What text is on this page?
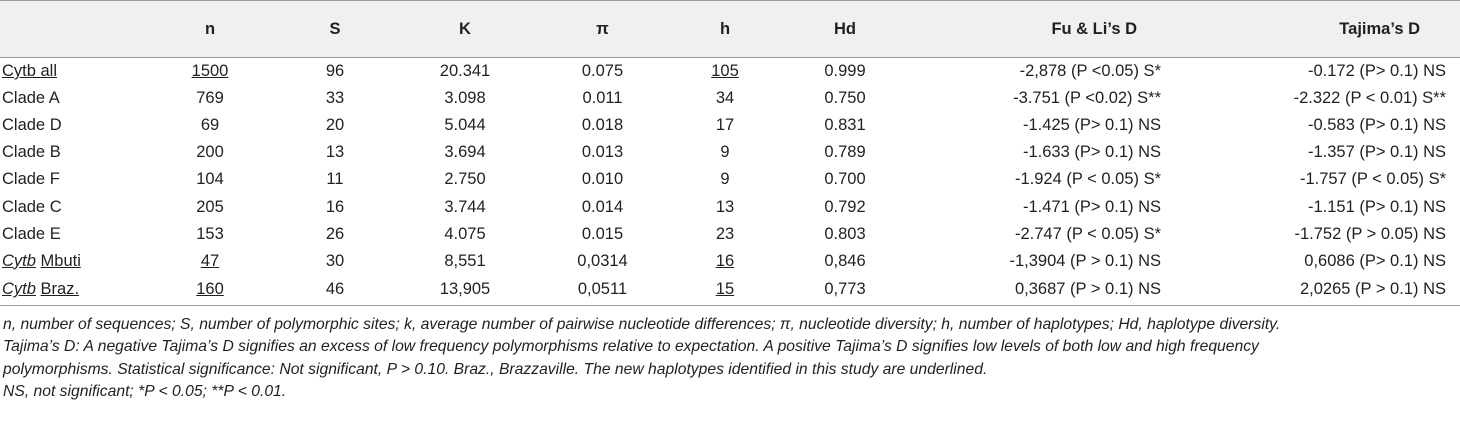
	n	S	K	π	h	Hd	Fu & Li’s D	Tajima’s D
Cytb all	1500	96	20.341	0.075	105	0.999	-2,878 (P <0.05) S*	-0.172 (P> 0.1) NS
Clade A	769	33	3.098	0.011	34	0.750	-3.751 (P <0.02) S**	-2.322 (P < 0.01) S**
Clade D	69	20	5.044	0.018	17	0.831	-1.425 (P> 0.1) NS	-0.583 (P> 0.1) NS
Clade B	200	13	3.694	0.013	9	0.789	-1.633 (P> 0.1) NS	-1.357 (P> 0.1) NS
Clade F	104	11	2.750	0.010	9	0.700	-1.924 (P < 0.05) S*	-1.757 (P < 0.05) S*
Clade C	205	16	3.744	0.014	13	0.792	-1.471 (P> 0.1) NS	-1.151 (P> 0.1) NS
Clade E	153	26	4.075	0.015	23	0.803	-2.747 (P < 0.05) S*	-1.752 (P > 0.05) NS
Cytb Mbuti	47	30	8,551	0,0314	16	0,846	-1,3904 (P > 0.1) NS	0,6086 (P> 0.1) NS
Cytb Braz.	160	46	13,905	0,0511	15	0,773	0,3687 (P > 0.1) NS	2,0265 (P > 0.1) NS

n, number of sequences; S, number of polymorphic sites; k, average number of pairwise nucleotide differences; π, nucleotide diversity; h, number of haplotypes; Hd, haplotype diversity.

Tajima’s D: A negative Tajima’s D signifies an excess of low frequency polymorphisms relative to expectation. A positive Tajima’s D signifies low levels of both low and high frequency

polymorphisms. Statistical significance: Not significant, P > 0.10. Braz., Brazzaville. The new haplotypes identified in this study are underlined.

NS, not significant; *P < 0.05; **P < 0.01.
